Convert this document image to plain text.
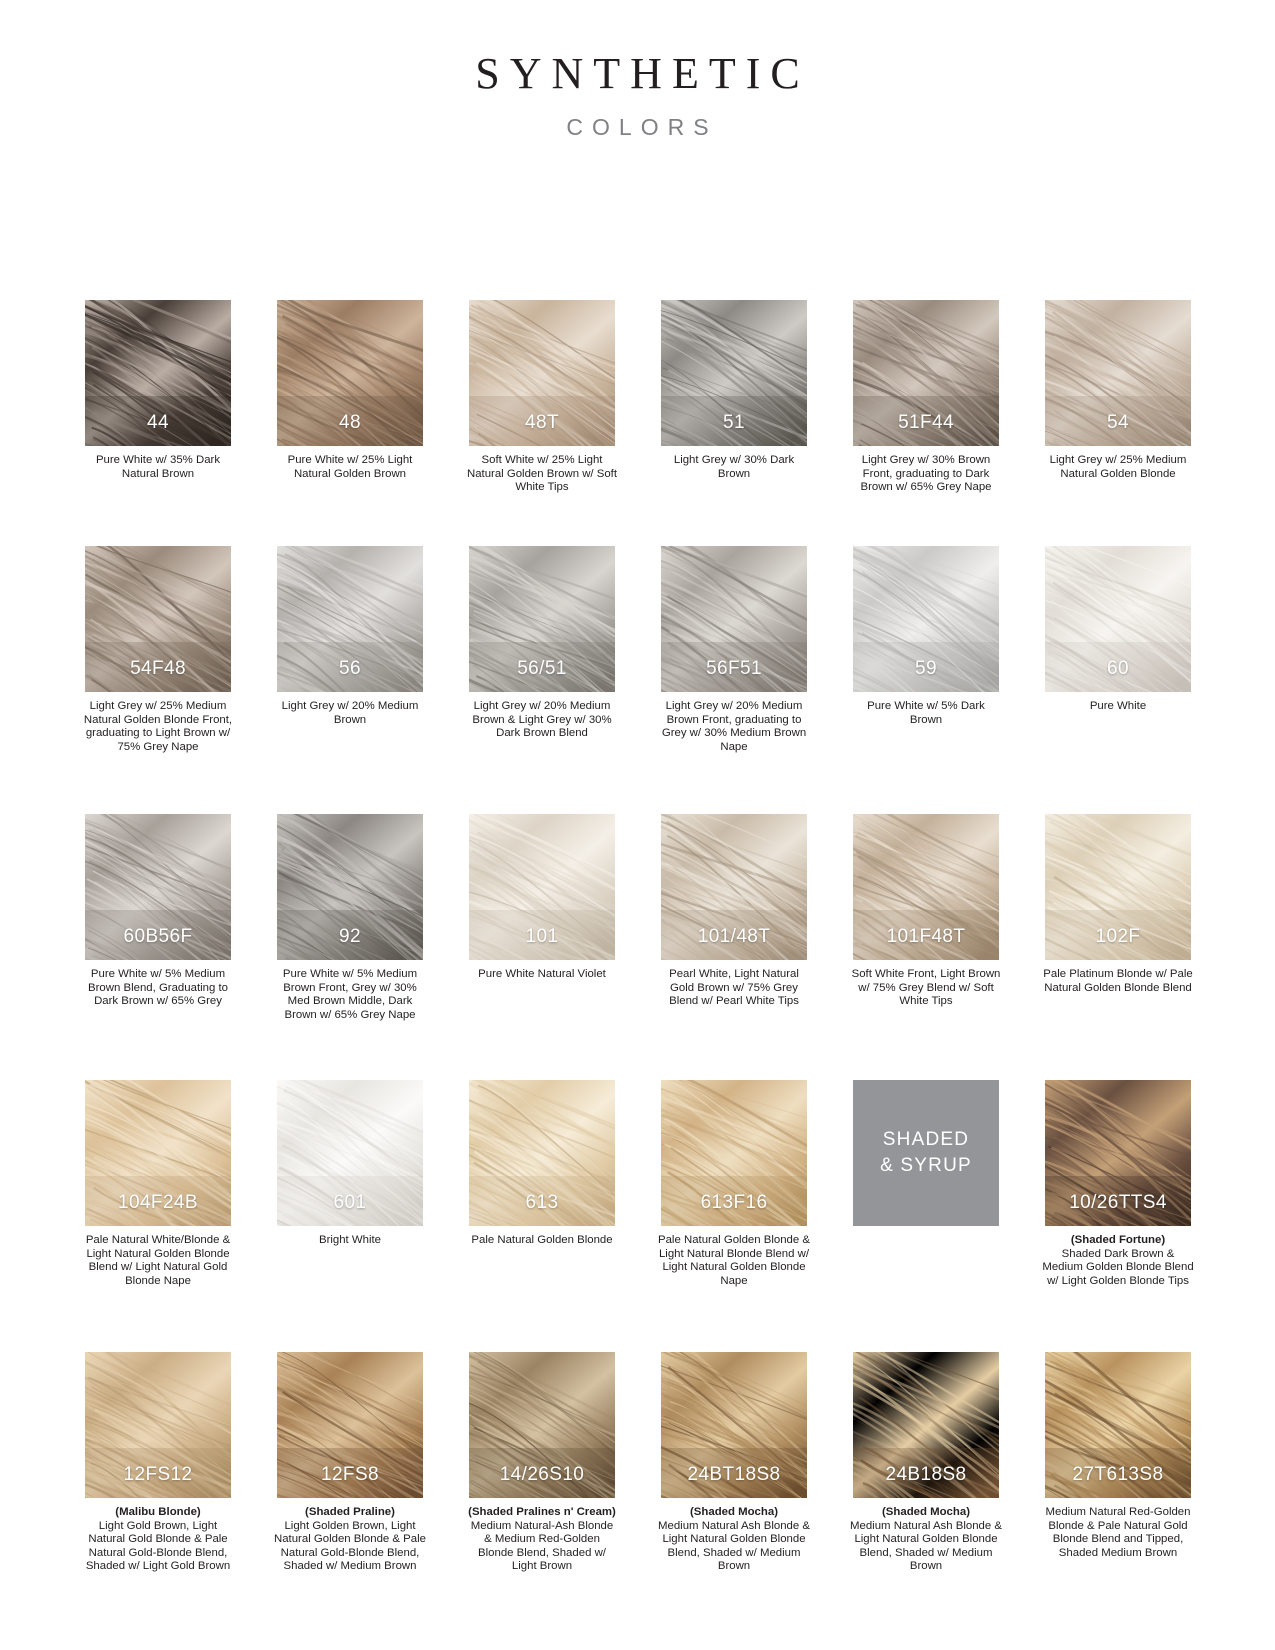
SYNTHETIC
COLORS
44
Pure White w/ 35% Dark Natural Brown
48
Pure White w/ 25% Light Natural Golden Brown
48T
Soft White w/ 25% Light Natural Golden Brown w/ Soft White Tips
51
Light Grey w/ 30% Dark Brown
51F44
Light Grey w/ 30% Brown Front, graduating to Dark Brown w/ 65% Grey Nape
54
Light Grey w/ 25% Medium Natural Golden Blonde
54F48
Light Grey w/ 25% Medium Natural Golden Blonde Front, graduating to Light Brown w/ 75% Grey Nape
56
Light Grey w/ 20% Medium Brown
56/51
Light Grey w/ 20% Medium Brown & Light Grey w/ 30% Dark Brown Blend
56F51
Light Grey w/ 20% Medium Brown Front, graduating to Grey w/ 30% Medium Brown Nape
59
Pure White w/ 5% Dark Brown
60
Pure White
60B56F
Pure White w/ 5% Medium Brown Blend, Graduating to Dark Brown w/ 65% Grey
92
Pure White w/ 5% Medium Brown Front, Grey w/ 30% Med Brown Middle, Dark Brown w/ 65% Grey Nape
101
Pure White Natural Violet
101/48T
Pearl White, Light Natural Gold Brown w/ 75% Grey Blend w/ Pearl White Tips
101F48T
Soft White Front, Light Brown w/ 75% Grey Blend w/ Soft White Tips
102F
Pale Platinum Blonde w/ Pale Natural Golden Blonde Blend
104F24B
Pale Natural White/Blonde & Light Natural Golden Blonde Blend w/ Light Natural Gold Blonde Nape
601
Bright White
613
Pale Natural Golden Blonde
613F16
Pale Natural Golden Blonde & Light Natural Blonde Blend w/ Light Natural Golden Blonde Nape
SHADED
& SYRUP
10/26TTS4
(Shaded Fortune)
Shaded Dark Brown & Medium Golden Blonde Blend w/ Light Golden Blonde Tips
12FS12
(Malibu Blonde)
Light Gold Brown, Light Natural Gold Blonde & Pale Natural Gold-Blonde Blend, Shaded w/ Light Gold Brown
12FS8
(Shaded Praline)
Light Golden Brown, Light Natural Golden Blonde & Pale Natural Gold-Blonde Blend, Shaded w/ Medium Brown
14/26S10
(Shaded Pralines n' Cream)
Medium Natural-Ash Blonde & Medium Red-Golden Blonde Blend, Shaded w/ Light Brown
24BT18S8
(Shaded Mocha)
Medium Natural Ash Blonde & Light Natural Golden Blonde Blend, Shaded w/ Medium Brown
24B18S8
(Shaded Mocha)
Medium Natural Ash Blonde & Light Natural Golden Blonde Blend, Shaded w/ Medium Brown
27T613S8
Medium Natural Red-Golden Blonde & Pale Natural Gold Blonde Blend and Tipped, Shaded Medium Brown
